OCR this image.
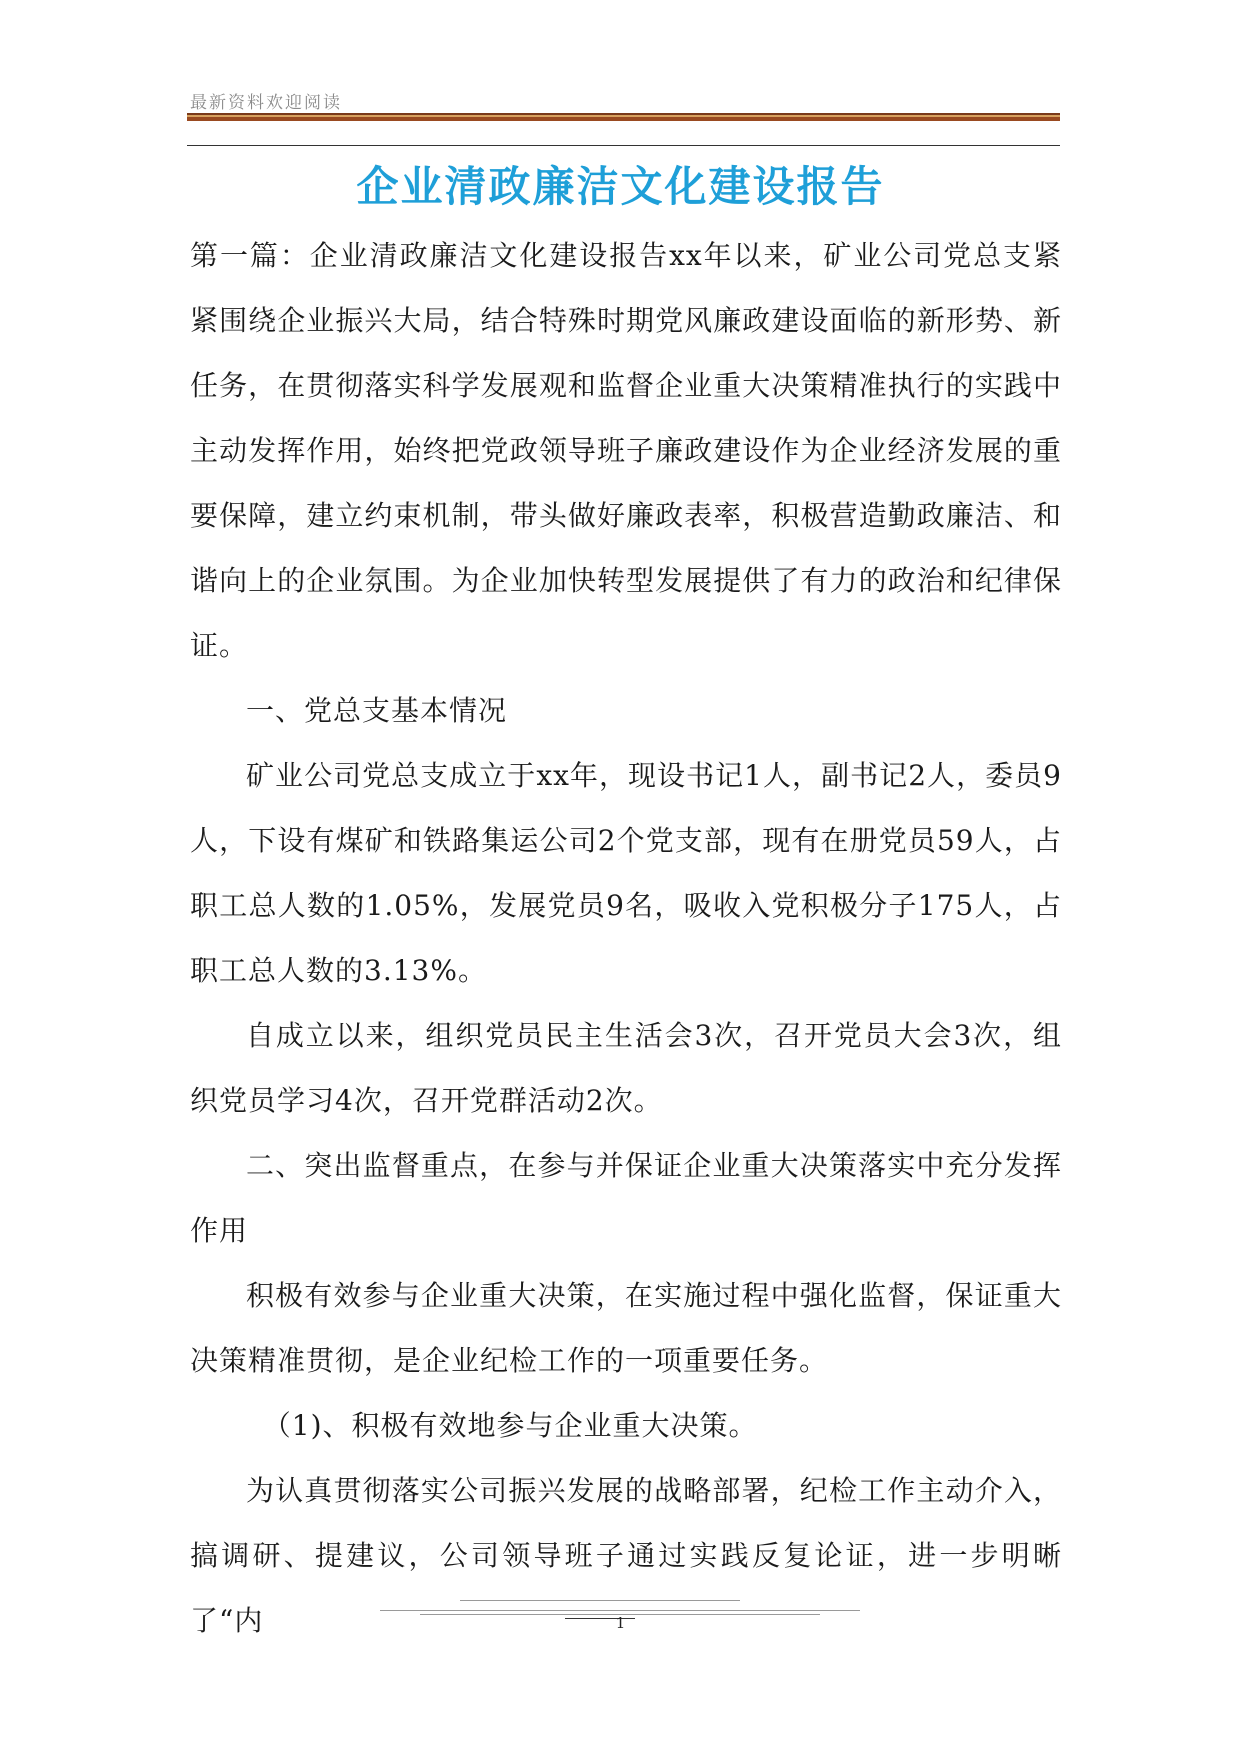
最新资料欢迎阅读
企业清政廉洁文化建设报告

第一篇：企业清政廉洁文化建设报告xx年以来，矿业公司党总支紧紧围绕企业振兴大局，结合特殊时期党风廉政建设面临的新形势、新任务，在贯彻落实科学发展观和监督企业重大决策精准执行的实践中主动发挥作用，始终把党政领导班子廉政建设作为企业经济发展的重要保障，建立约束机制，带头做好廉政表率，积极营造勤政廉洁、和谐向上的企业氛围。为企业加快转型发展提供了有力的政治和纪律保证。

一、党总支基本情况

矿业公司党总支成立于xx年，现设书记1人，副书记2人，委员9人，下设有煤矿和铁路集运公司2个党支部，现有在册党员59人，占职工总人数的1.05%，发展党员9名，吸收入党积极分子175人，占职工总人数的3.13%。

自成立以来，组织党员民主生活会3次，召开党员大会3次，组织党员学习4次，召开党群活动2次。

二、突出监督重点，在参与并保证企业重大决策落实中充分发挥作用

积极有效参与企业重大决策，在实施过程中强化监督，保证重大决策精准贯彻，是企业纪检工作的一项重要任务。

（1)、积极有效地参与企业重大决策。

为认真贯彻落实公司振兴发展的战略部署，纪检工作主动介入，搞调研、提建议，公司领导班子通过实践反复论证，进一步明晰了“内	1
